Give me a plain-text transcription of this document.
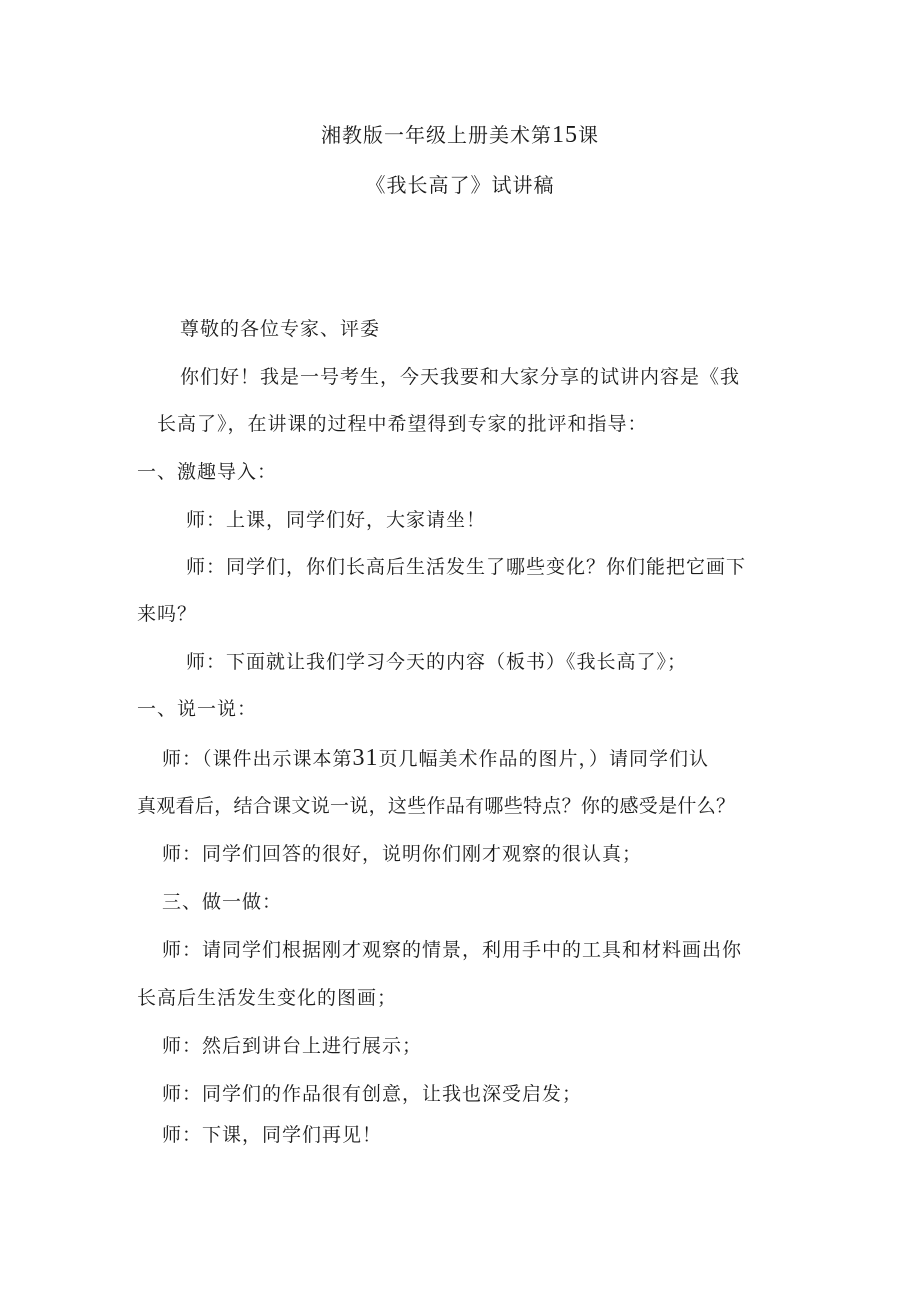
湘教版一年级上册美术第15课
《我长高了》试讲稿
尊敬的各位专家、评委
你们好！我是一号考生，今天我要和大家分享的试讲内容是《我
长高了》，在讲课的过程中希望得到专家的批评和指导：
一、激趣导入：
师：上课，同学们好，大家请坐！
师：同学们，你们长高后生活发生了哪些变化？你们能把它画下
来吗？
师：下面就让我们学习今天的内容（板书）《我长高了》；
一、说一说：
师：（课件出示课本第31页几幅美术作品的图片，）请同学们认
真观看后，结合课文说一说，这些作品有哪些特点？你的感受是什么？
师：同学们回答的很好，说明你们刚才观察的很认真；
三、做一做：
师：请同学们根据刚才观察的情景，利用手中的工具和材料画出你
长高后生活发生变化的图画；
师：然后到讲台上进行展示；
师：同学们的作品很有创意，让我也深受启发；
师：下课，同学们再见！
